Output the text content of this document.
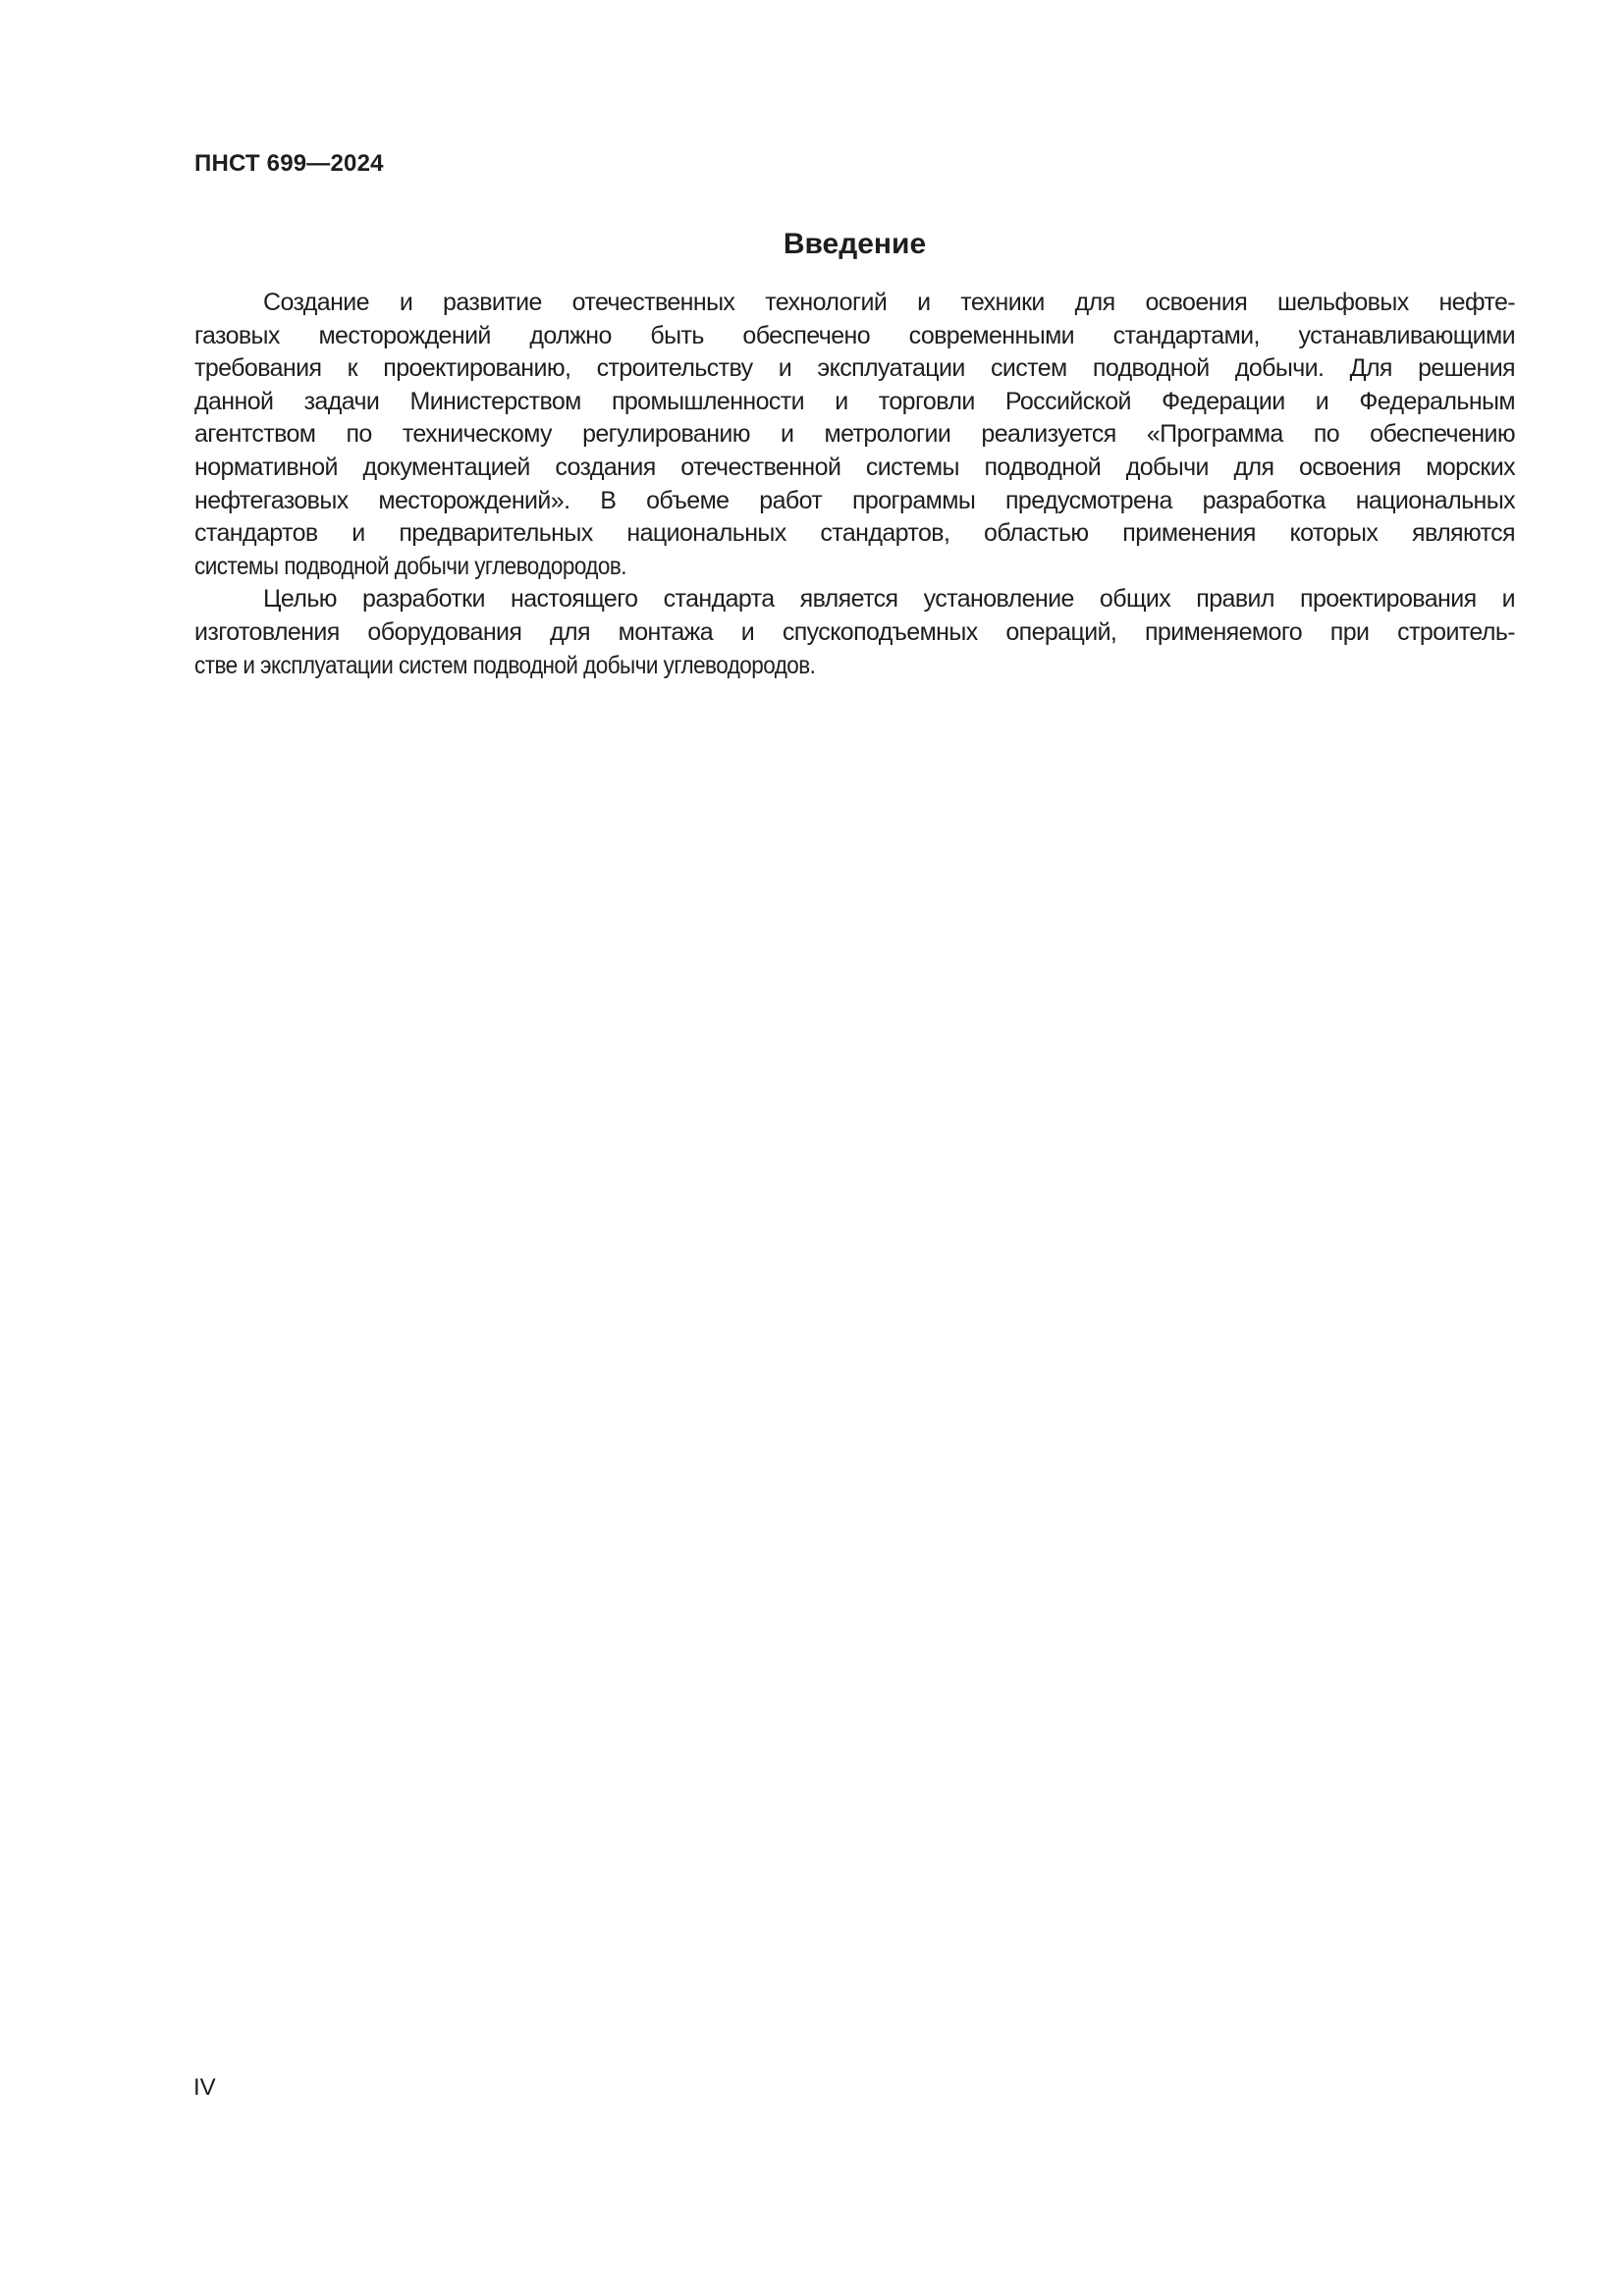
ПНСТ 699—2024
Введение

Создание и развитие отечественных технологий и техники для освоения шельфовых нефте-
газовых месторождений должно быть обеспечено современными стандартами, устанавливающими
требования к проектированию, строительству и эксплуатации систем подводной добычи. Для решения
данной задачи Министерством промышленности и торговли Российской Федерации и Федеральным
агентством по техническому регулированию и метрологии реализуется «Программа по обеспечению
нормативной документацией создания отечественной системы подводной добычи для освоения морских
нефтегазовых месторождений». В объеме работ программы предусмотрена разработка национальных
стандартов и предварительных национальных стандартов, областью применения которых являются
системы подводной добычи углеводородов.

Целью разработки настоящего стандарта является установление общих правил проектирования и
изготовления оборудования для монтажа и спускоподъемных операций, применяемого при строитель-
стве и эксплуатации систем подводной добычи углеводородов.

IV
